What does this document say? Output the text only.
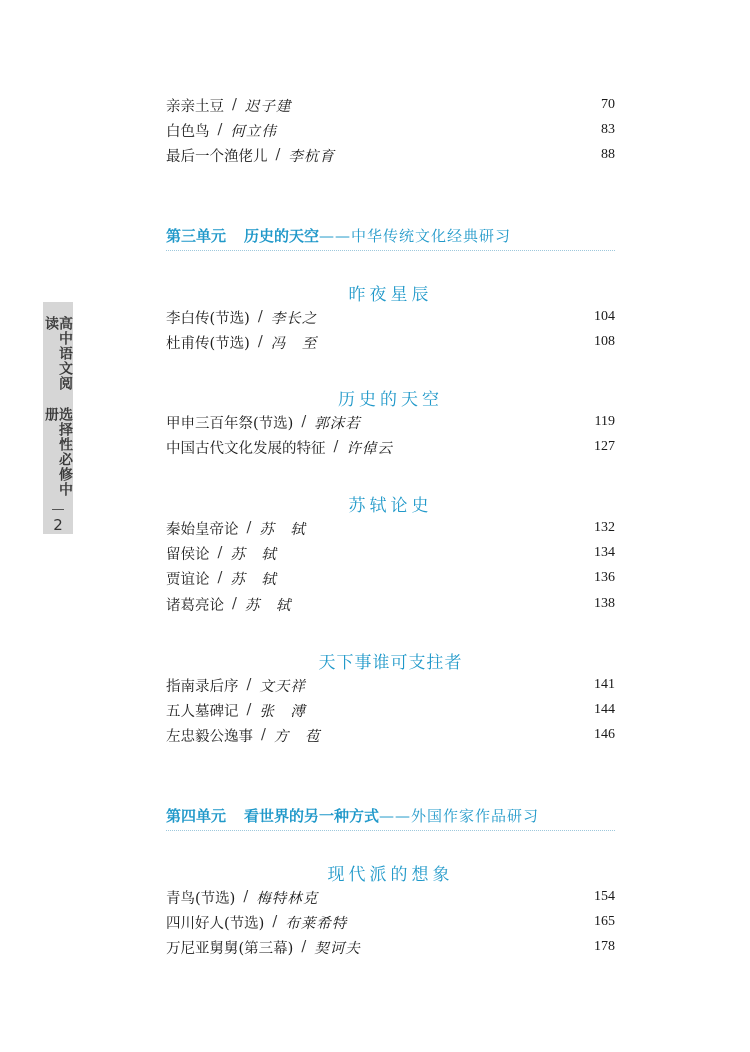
高中语文阅读
选择性必修中册
2
亲亲土豆 / 迟子建	70
白色鸟 / 何立伟	83
最后一个渔佬儿 / 李杭育	88
第三单元 历史的天空 ——中华传统文化经典研习
昨夜星辰
李白传(节选) / 李长之	104
杜甫传(节选) / 冯　至	108
历史的天空
甲申三百年祭(节选) / 郭沫若	119
中国古代文化发展的特征 / 许倬云	127
苏轼论史
秦始皇帝论 / 苏　轼	132
留侯论 / 苏　轼	134
贾谊论 / 苏　轼	136
诸葛亮论 / 苏　轼	138
天下事谁可支拄者
指南录后序 / 文天祥	141
五人墓碑记 / 张　溥	144
左忠毅公逸事 / 方　苞	146
第四单元 看世界的另一种方式 ——外国作家作品研习
现代派的想象
青鸟(节选) / 梅特林克	154
四川好人(节选) / 布莱希特	165
万尼亚舅舅(第三幕) / 契诃夫	178
